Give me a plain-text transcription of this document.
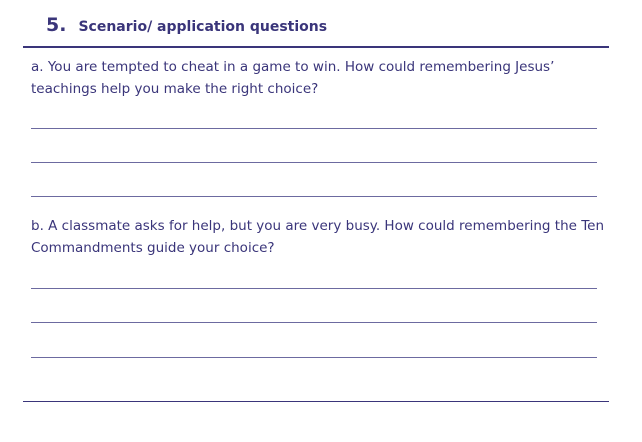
5. Scenario/ application questions

a. You are tempted to cheat in a game to win. How could remembering Jesus’ teachings help you make the right choice?

b. A classmate asks for help, but you are very busy. How could remembering the Ten Commandments guide your choice?
